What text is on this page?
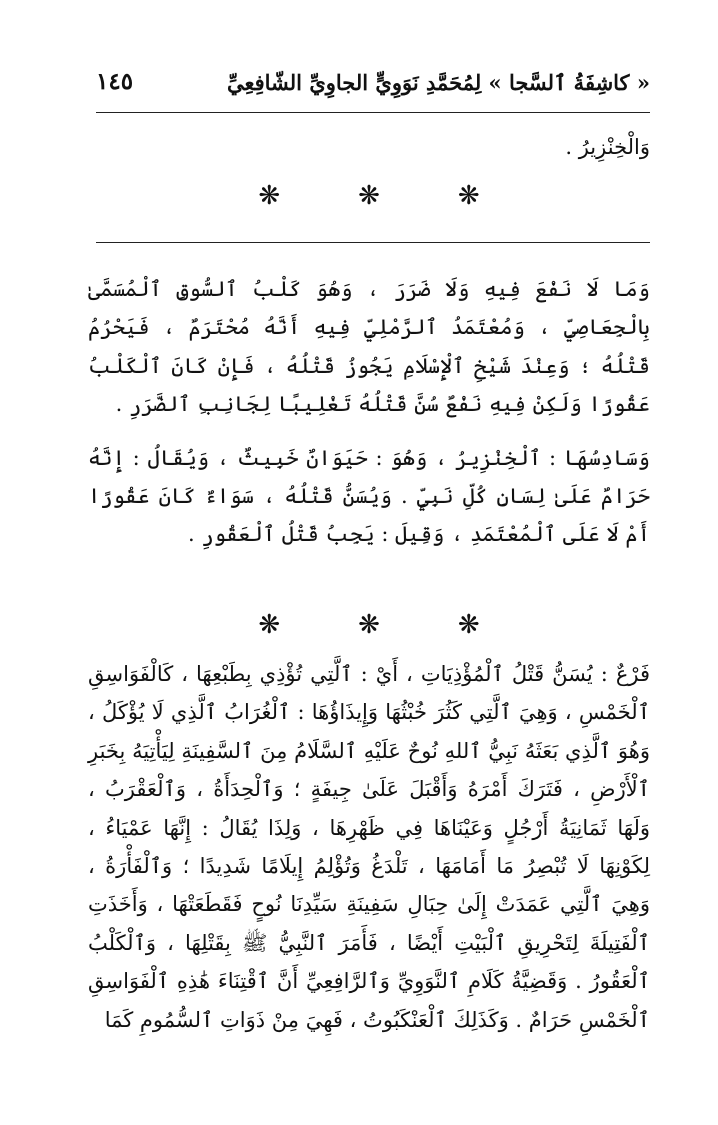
« كاشِفَةُ ٱلسَّجا » لِمُحَمَّدِ نَوَوِيٍّ الجاوِيِّ الشّافِعِيِّ
١٤٥

وَالْخِنْزِيرُ .

❋
❋
❋

وَمَا لَا نَفْعَ فِيهِ وَلَا ضَرَرَ ، وَهُوَ كَلْبُ ٱلسُّوقِ ٱلْمُسَمَّىٰ بِالْجِعَاصِيِّ ، وَمُعْتَمَدُ ٱلرَّمْلِيِّ فِيهِ أَنَّهُ مُحْتَرَمٌ ، فَيَحْرُمُ قَتْلُهُ ؛ وَعِنْدَ شَيْخِ ٱلْإِسْلَامِ يَجُوزُ قَتْلُهُ ، فَإِنْ كَانَ ٱلْكَلْبُ عَقُورًا وَلَكِنْ فِيهِ نَفْعٌ سُنَّ قَتْلُهُ تَغْلِيبًا لِجَانِبِ ٱلضَّرَرِ .

وَسَادِسُهَا : ٱلْخِنْزِيرُ ، وَهُوَ : حَيَوَانٌ خَبِيثٌ ، وَيُقَالُ : إِنَّهُ حَرَامٌ عَلَىٰ لِسَانِ كُلِّ نَبِيٍّ . وَيُسَنُّ قَتْلُهُ ، سَوَاءٌ كَانَ عَقُورًا أَمْ لَا عَلَى ٱلْمُعْتَمَدِ ، وَقِيلَ : يَجِبُ قَتْلُ ٱلْعَقُورِ .

❋
❋
❋

فَرْعٌ : يُسَنُّ قَتْلُ ٱلْمُؤْذِيَاتِ ، أَيْ : ٱلَّتِي تُؤْذِي بِطَبْعِهَا ، كَالْفَوَاسِقِ ٱلْخَمْسِ ، وَهِيَ ٱلَّتِي كَثُرَ خُبْثُهَا وَإِيذَاؤُهَا : ٱلْغُرَابُ ٱلَّذِي لَا يُؤْكَلُ ، وَهُوَ ٱلَّذِي بَعَثَهُ نَبِيُّ ٱللهِ نُوحٌ عَلَيْهِ ٱلسَّلَامُ مِنَ ٱلسَّفِينَةِ لِيَأْتِيَهُ بِخَبَرِ ٱلْأَرْضِ ، فَتَرَكَ أَمْرَهُ وَأَقْبَلَ عَلَىٰ جِيفَةٍ ؛ وَٱلْحِدَأَةُ ، وَٱلْعَقْرَبُ ، وَلَهَا ثَمَانِيَةُ أَرْجُلٍ وَعَيْنَاهَا فِي ظَهْرِهَا ، وَلِذَا يُقَالُ : إِنَّهَا عَمْيَاءُ ، لِكَوْنِهَا لَا تُبْصِرُ مَا أَمَامَهَا ، تَلْدَغُ وَتُؤْلِمُ إِيلَامًا شَدِيدًا ؛ وَٱلْفَأْرَةُ ، وَهِيَ ٱلَّتِي عَمَدَتْ إِلَىٰ حِبَالِ سَفِينَةِ سَيِّدِنَا نُوحٍ فَقَطَعَتْهَا ، وَأَخَذَتِ ٱلْفَتِيلَةَ لِتَحْرِيقِ ٱلْبَيْتِ أَيْضًا ، فَأَمَرَ ٱلنَّبِيُّ ﷺ بِقَتْلِهَا ، وَٱلْكَلْبُ ٱلْعَقُورُ . وَقَضِيَّةُ كَلَامِ ٱلنَّوَوِيِّ وَٱلرَّافِعِيِّ أَنَّ ٱقْتِنَاءَ هَٰذِهِ ٱلْفَوَاسِقِ ٱلْخَمْسِ حَرَامٌ . وَكَذَلِكَ ٱلْعَنْكَبُوتُ ، فَهِيَ مِنْ ذَوَاتِ ٱلسُّمُومِ كَمَا
